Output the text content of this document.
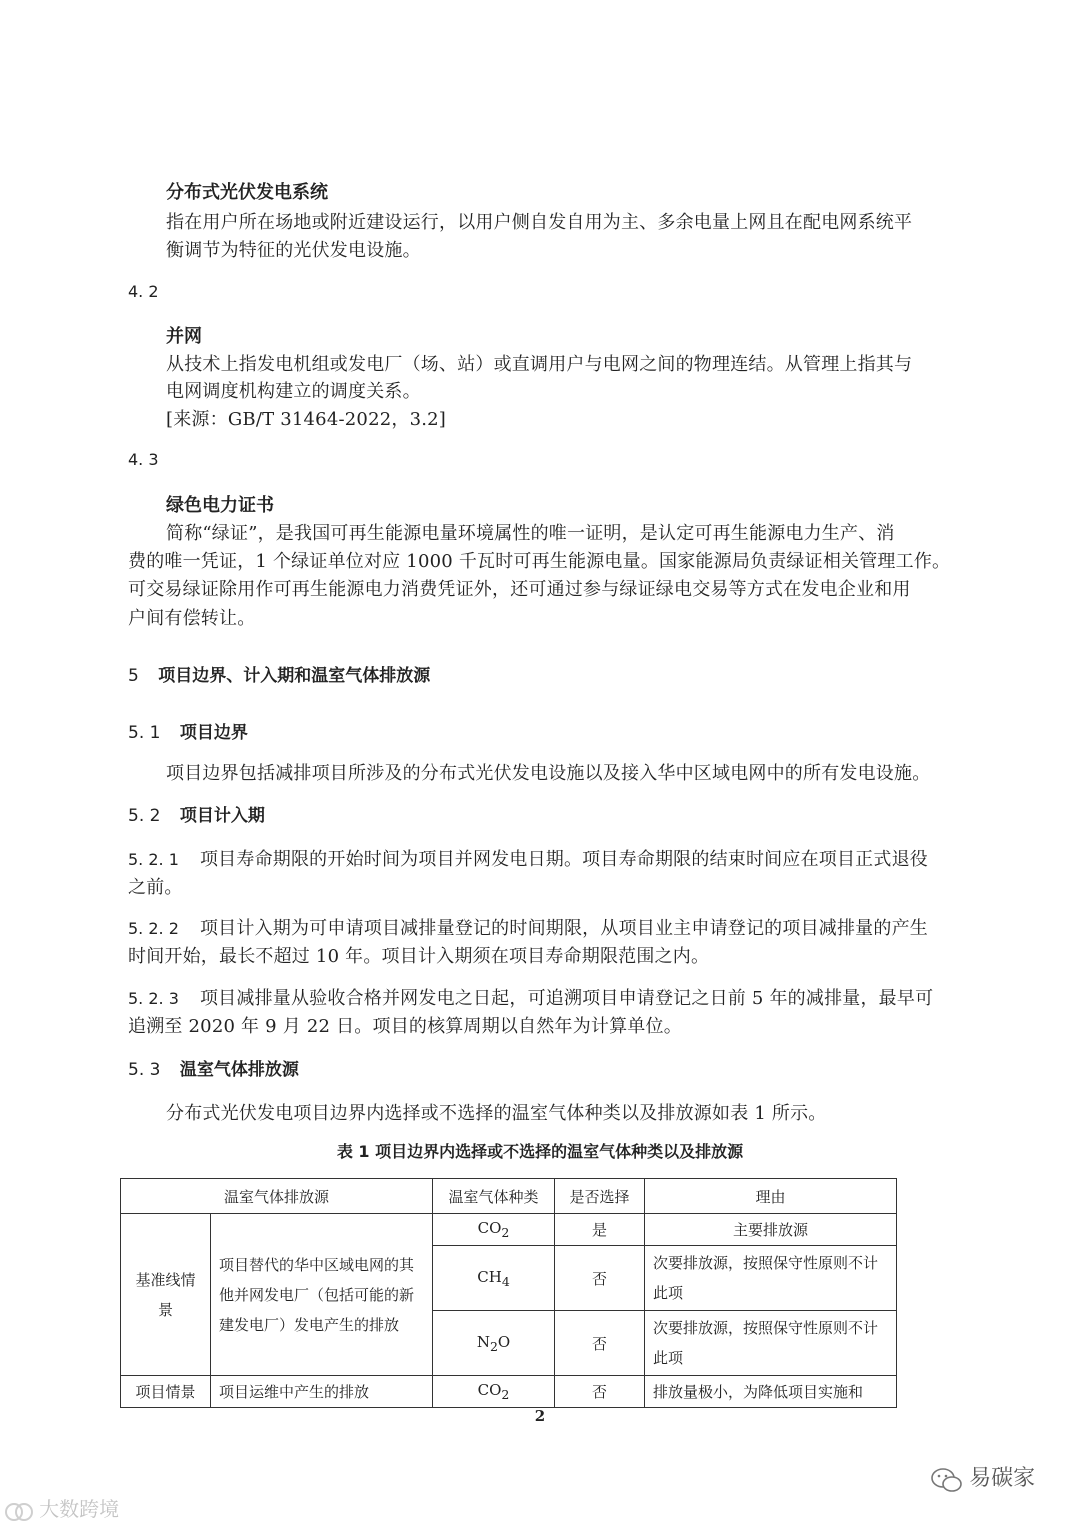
分布式光伏发电系统
指在用户所在场地或附近建设运行，以用户侧自发自用为主、多余电量上网且在配电网系统平
衡调节为特征的光伏发电设施。
4. 2
并网
从技术上指发电机组或发电厂（场、站）或直调用户与电网之间的物理连结。从管理上指其与
电网调度机构建立的调度关系。
[来源：GB/T 31464-2022，3.2]
4. 3
绿色电力证书
简称“绿证”，是我国可再生能源电量环境属性的唯一证明，是认定可再生能源电力生产、消
费的唯一凭证，1 个绿证单位对应 1000 千瓦时可再生能源电量。国家能源局负责绿证相关管理工作。
可交易绿证除用作可再生能源电力消费凭证外，还可通过参与绿证绿电交易等方式在发电企业和用
户间有偿转让。
5 项目边界、计入期和温室气体排放源
5. 1 项目边界
项目边界包括减排项目所涉及的分布式光伏发电设施以及接入华中区域电网中的所有发电设施。
5. 2 项目计入期
5. 2. 1 项目寿命期限的开始时间为项目并网发电日期。项目寿命期限的结束时间应在项目正式退役
之前。
5. 2. 2 项目计入期为可申请项目减排量登记的时间期限，从项目业主申请登记的项目减排量的产生
时间开始，最长不超过 10 年。项目计入期须在项目寿命期限范围之内。
5. 2. 3 项目减排量从验收合格并网发电之日起，可追溯项目申请登记之日前 5 年的减排量，最早可
追溯至 2020 年 9 月 22 日。项目的核算周期以自然年为计算单位。
5. 3 温室气体排放源
分布式光伏发电项目边界内选择或不选择的温室气体种类以及排放源如表 1 所示。
表 1 项目边界内选择或不选择的温室气体种类以及排放源
温室气体排放源		温室气体种类	是否选择	理由
基准线情景	项目替代的华中区域电网的其他并网发电厂（包括可能的新建发电厂）发电产生的排放	$CO_2$	是	主要排放源
		$CH_4$	否	次要排放源，按照保守性原则不计此项
		$N_2O$	否	次要排放源，按照保守性原则不计此项
项目情景	项目运维中产生的排放	$CO_2$	否	排放量极小，为降低项目实施和
2
大数跨境
易碳家
